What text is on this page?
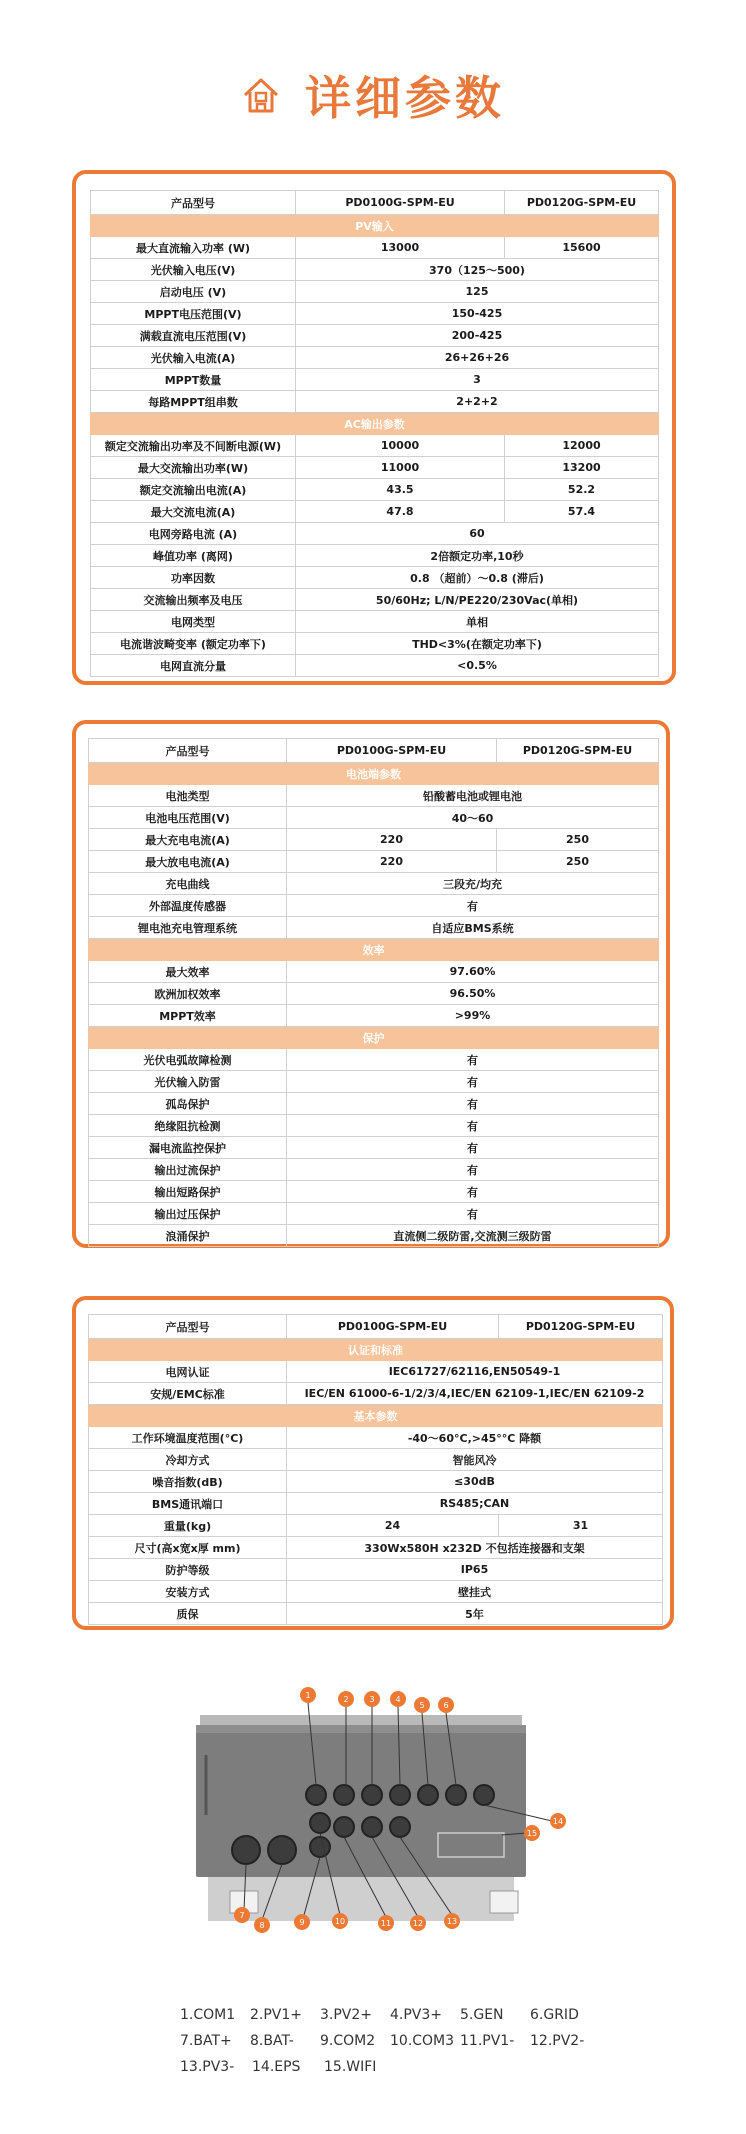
详细参数
产品型号	PD0100G-SPM-EU	PD0120G-SPM-EU
PV输入		
最大直流输入功率 (W)	13000	15600
光伏输入电压(V)	370（125～500)	
启动电压 (V)	125	
MPPT电压范围(V)	150-425	
满载直流电压范围(V)	200-425	
光伏输入电流(A)	26+26+26	
MPPT数量	3	
每路MPPT组串数	2+2+2	
AC输出参数		
额定交流输出功率及不间断电源(W)	10000	12000
最大交流输出功率(W)	11000	13200
额定交流输出电流(A)	43.5	52.2
最大交流电流(A)	47.8	57.4
电网旁路电流 (A)	60	
峰值功率 (离网)	2倍额定功率,10秒	
功率因数	0.8 （超前）～0.8 (滞后)	
交流输出频率及电压	50/60Hz; L/N/PE220/230Vac(单相)	
电网类型	单相	
电流谐波畸变率 (额定功率下)	THD<3%(在额定功率下)	
电网直流分量	<0.5%	
产品型号	PD0100G-SPM-EU	PD0120G-SPM-EU
电池端参数		
电池类型	铅酸蓄电池或锂电池	
电池电压范围(V)	40～60	
最大充电电流(A)	220	250
最大放电电流(A)	220	250
充电曲线	三段充/均充	
外部温度传感器	有	
锂电池充电管理系统	自适应BMS系统	
效率		
最大效率	97.60%	
欧洲加权效率	96.50%	
MPPT效率	>99%	
保护		
光伏电弧故障检测	有	
光伏输入防雷	有	
孤岛保护	有	
绝缘阻抗检测	有	
漏电流监控保护	有	
输出过流保护	有	
输出短路保护	有	
输出过压保护	有	
浪涌保护	直流侧二级防雷,交流测三级防雷	
产品型号	PD0100G-SPM-EU	PD0120G-SPM-EU
认证和标准		
电网认证	IEC61727/62116,EN50549-1	
安规/EMC标准	IEC/EN 61000-6-1/2/3/4,IEC/EN 62109-1,IEC/EN 62109-2	
基本参数		
工作环境温度范围(°C)	-40～60°C,>45°°C 降额	
冷却方式	智能风冷	
噪音指数(dB)	≤30dB	
BMS通讯端口	RS485;CAN	
重量(kg)	24	31
尺寸(高x宽x厚 mm)	330Wx580H x232D 不包括连接器和支架	
防护等级	IP65	
安装方式	壁挂式	
质保	5年	
1	2	3	4
5 6
7
8	9	10	11	12	13
14
15
1.COM1	2.PV1+	3.PV2+	4.PV3+	5.GEN	6.GRID
7.BAT+	8.BAT-	9.COM2	10.COM3 11.PV1-	12.PV2-
13.PV3-	14.EPS	15.WIFI
